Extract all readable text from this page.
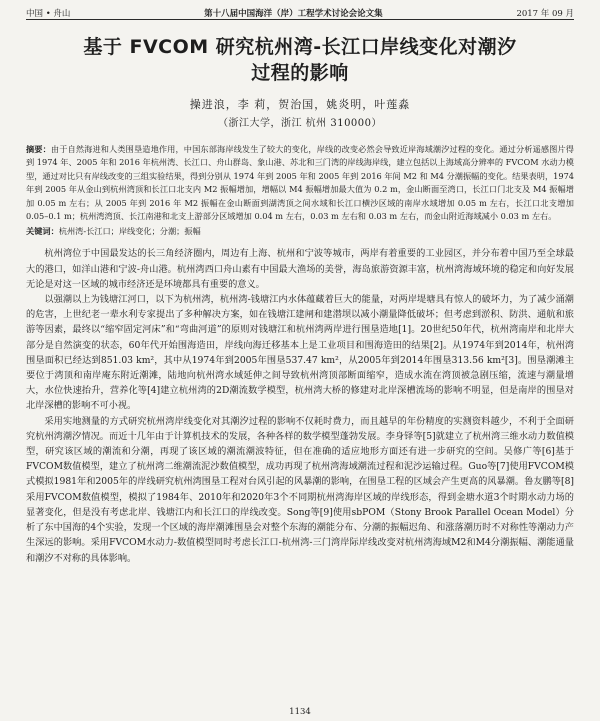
中国 • 舟山	第十八届中国海洋（岸）工程学术讨论会论文集	2017 年 09 月
基于 FVCOM 研究杭州湾-长江口岸线变化对潮汐
过程的影响
操进浪，李 莉，贺治国，姚炎明，叶莲淼
（浙江大学，浙江 杭州 310000）
摘要：由于自然海进和人类围垦造地作用，中国东部海岸线发生了较大的变化，岸线的改变必然会导致近岸海域潮汐过程的变化。通过分析遥感图片得到 1974 年、2005 年和 2016 年杭州湾、长江口、舟山群岛、象山港、苏北和三门湾的岸线海岸线，建立包括以上海域高分辨率的 FVCOM 水动力模型，通过对比只有岸线改变的三组实验结果，得到分别从 1974 年到 2005 年和 2005 年到 2016 年间 M2 和 M4 分潮振幅的变化。结果表明，1974 年到 2005 年从金山到杭州湾顶和长江口北支内 M2 振幅增加，增幅以 M4 振幅增加最大值为 0.2 m，金山断面至湾口，长江口门北支及 M4 振幅增加 0.05 m 左右；从 2005 年到 2016 年 M2 振幅在金山断面到湖湾顶之间水域和长江口横沙区域的南岸水域增加 0.05 m 左右，长江口北支增加 0.05–0.1 m；杭州湾湾顶、长江南港和北支上游部分区域增加 0.04 m 左右，0.03 m 左右和 0.03 m 左右，而金山附近海域减小 0.03 m 左右。
关键词：杭州湾-长江口；岸线变化；分潮；振幅

杭州湾位于中国最发达的长三角经济圈内，周边有上海、杭州和宁波等城市，两岸有着重要的工业园区，并分布着中国乃至全球最大的港口，如洋山港和宁波-舟山港。杭州湾西口舟山素有中国最大渔场的美誉，海岛旅游资源丰富，杭州湾海域环境的稳定和向好发展无论是对这一区域的城市经济还是环境都具有重要的意义。

以强潮以上为钱塘江河口，以下为杭州湾，杭州湾-钱塘江内水体蕴藏着巨大的能量，对两岸堤塘具有惊人的破坏力，为了减少涌潮的危害，上世纪老一辈水利专家提出了多种解决方案，如在钱塘江建闸和建潜坝以减小潮量降低破坏；但考虑到淤积、防洪、通航和旅游等因素，最终以“缩窄固定河床”和“弯曲河道”的原则对钱塘江和杭州湾两岸进行围垦造地[1]。20世纪50年代，杭州湾南岸和北岸大部分是自然演变的状态，60年代开始围海造田，岸线向海迁移基本上是工业项目和围海造田的结果[2]。从1974年到2014年，杭州湾围垦面积已经达到851.03 km²，其中从1974年到2005年围垦537.47 km²，从2005年到2014年围垦313.56 km²[3]。围垦潮滩主要位于湾顶和南岸庵东附近潮滩，陆地向杭州湾水域延伸之间导致杭州湾顶部断面缩窄，造成水流在湾顶被急剧压缩，流速与潮量增大，水位快速抬升，营养化等[4]建立杭州湾的2D潮流数学模型，杭州湾大桥的修建对北岸深槽流场的影响不明显，但是南岸的围垦对北岸深槽的影响不可小视。

采用实地测量的方式研究杭州湾岸线变化对其潮汐过程的影响不仅耗时费力，而且越早的年份精度的实测资料越少，不利于全面研究杭州湾潮汐情况。而近十几年由于计算机技术的发展，各种各样的数学模型蓬勃发展。李身铎等[5]就建立了杭州湾三维水动力数值模型，研究该区域的潮流和分潮，再现了该区域的潮流潮波特征，但在准确的适应地形方面还有进一步研究的空间。吴修广等[6]基于FVCOM数值模型，建立了杭州湾二维潮流泥沙数值模型，成功再现了杭州湾海域潮流过程和泥沙运输过程。Guo等[7]使用FVCOM模式模拟1981年和2005年的岸线研究杭州湾围垦工程对台风引起的风暴潮的影响，在围垦工程的区域会产生更高的风暴潮。鲁友鹏等[8]采用FVCOM数值模型，模拟了1984年、2010年和2020年3个不同期杭州湾海岸区域的岸线形态，得到金塘水道3个时期水动力场的显著变化，但是没有考虑北岸、钱塘江内和长江口的岸线改变。Song等[9]使用sbPOM（Stony Brook Parallel Ocean Model）分析了东中国海的4个实验，发现一个区域的海岸潮滩围垦会对整个东海的潮能分布、分潮的振幅迟角、和涨落潮历时不对称性等潮动力产生深远的影响。采用FVCOM水动力-数值模型同时考虑长江口-杭州湾-三门湾岸际岸线改变对杭州湾海域M2和M4分潮振幅、潮能通量和潮汐不对称的具体影响。

1134
